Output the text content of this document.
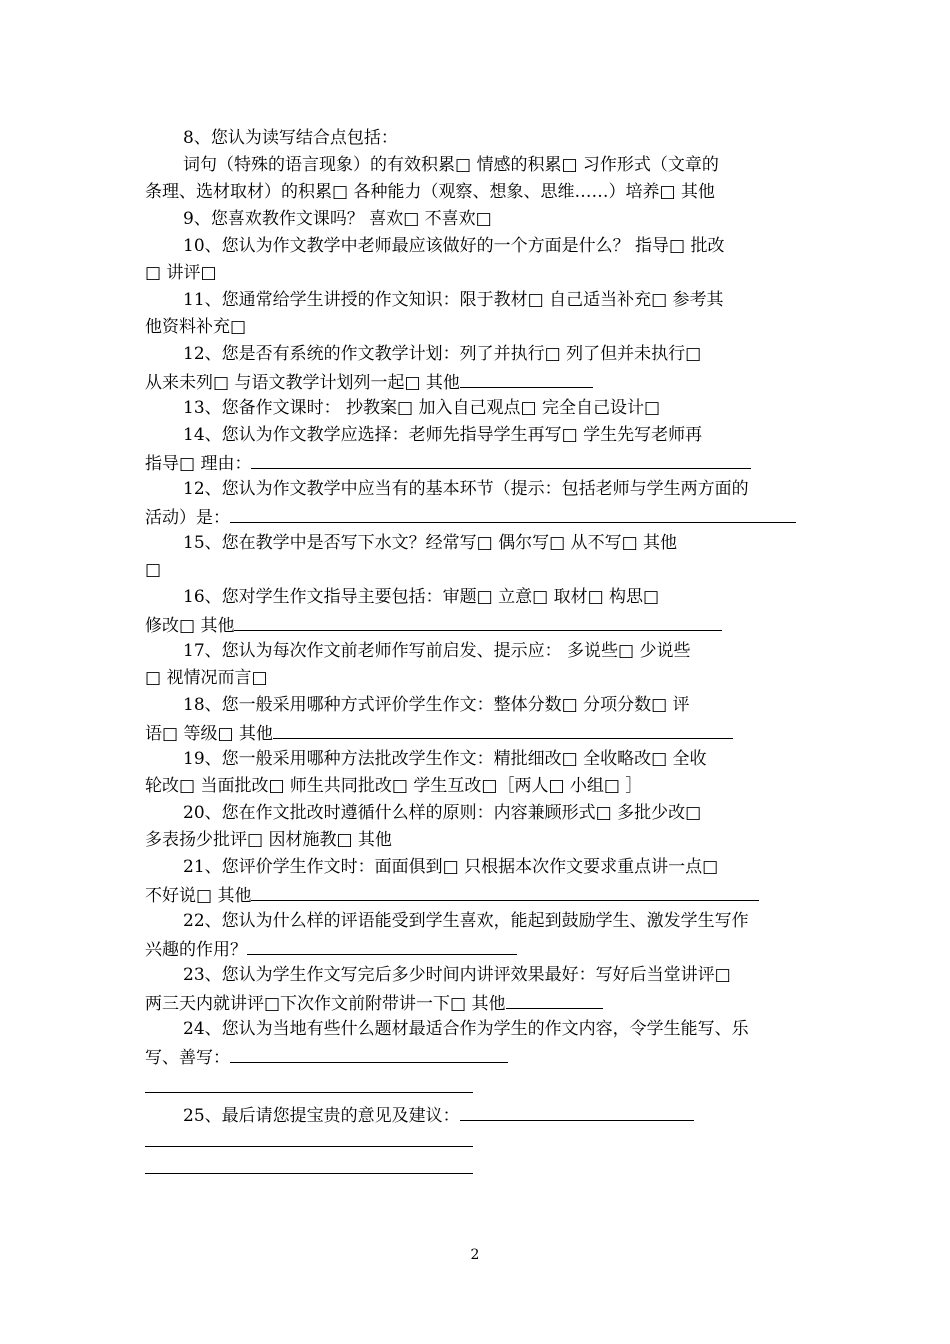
8、您认为读写结合点包括：
词句（特殊的语言现象）的有效积累□ 情感的积累□ 习作形式（文章的
条理、选材取材）的积累□ 各种能力（观察、想象、思维……）培养□ 其他
9、您喜欢教作文课吗？ 喜欢□ 不喜欢□
10、您认为作文教学中老师最应该做好的一个方面是什么？ 指导□ 批改
□ 讲评□
11、您通常给学生讲授的作文知识：限于教材□ 自己适当补充□ 参考其
他资料补充□
12、您是否有系统的作文教学计划：列了并执行□ 列了但并未执行□
从来未列□ 与语文教学计划列一起□ 其他
13、您备作文课时： 抄教案□ 加入自己观点□ 完全自己设计□
14、您认为作文教学应选择：老师先指导学生再写□ 学生先写老师再
指导□ 理由：
12、您认为作文教学中应当有的基本环节（提示：包括老师与学生两方面的
活动）是：
15、您在教学中是否写下水文？经常写□ 偶尔写□ 从不写□ 其他
□
16、您对学生作文指导主要包括：审题□ 立意□ 取材□ 构思□
修改□ 其他
17、您认为每次作文前老师作写前启发、提示应： 多说些□ 少说些
□ 视情况而言□
18、您一般采用哪种方式评价学生作文：整体分数□ 分项分数□ 评
语□ 等级□ 其他
19、您一般采用哪种方法批改学生作文：精批细改□ 全收略改□ 全收
轮改□ 当面批改□ 师生共同批改□ 学生互改□［两人□ 小组□ ］
20、您在作文批改时遵循什么样的原则：内容兼顾形式□ 多批少改□
多表扬少批评□ 因材施教□ 其他
21、您评价学生作文时：面面俱到□ 只根据本次作文要求重点讲一点□
不好说□ 其他
22、您认为什么样的评语能受到学生喜欢，能起到鼓励学生、激发学生写作
兴趣的作用？
23、您认为学生作文写完后多少时间内讲评效果最好：写好后当堂讲评□
两三天内就讲评□下次作文前附带讲一下□ 其他
24、您认为当地有些什么题材最适合作为学生的作文内容，令学生能写、乐
写、善写：
25、最后请您提宝贵的意见及建议：
2
